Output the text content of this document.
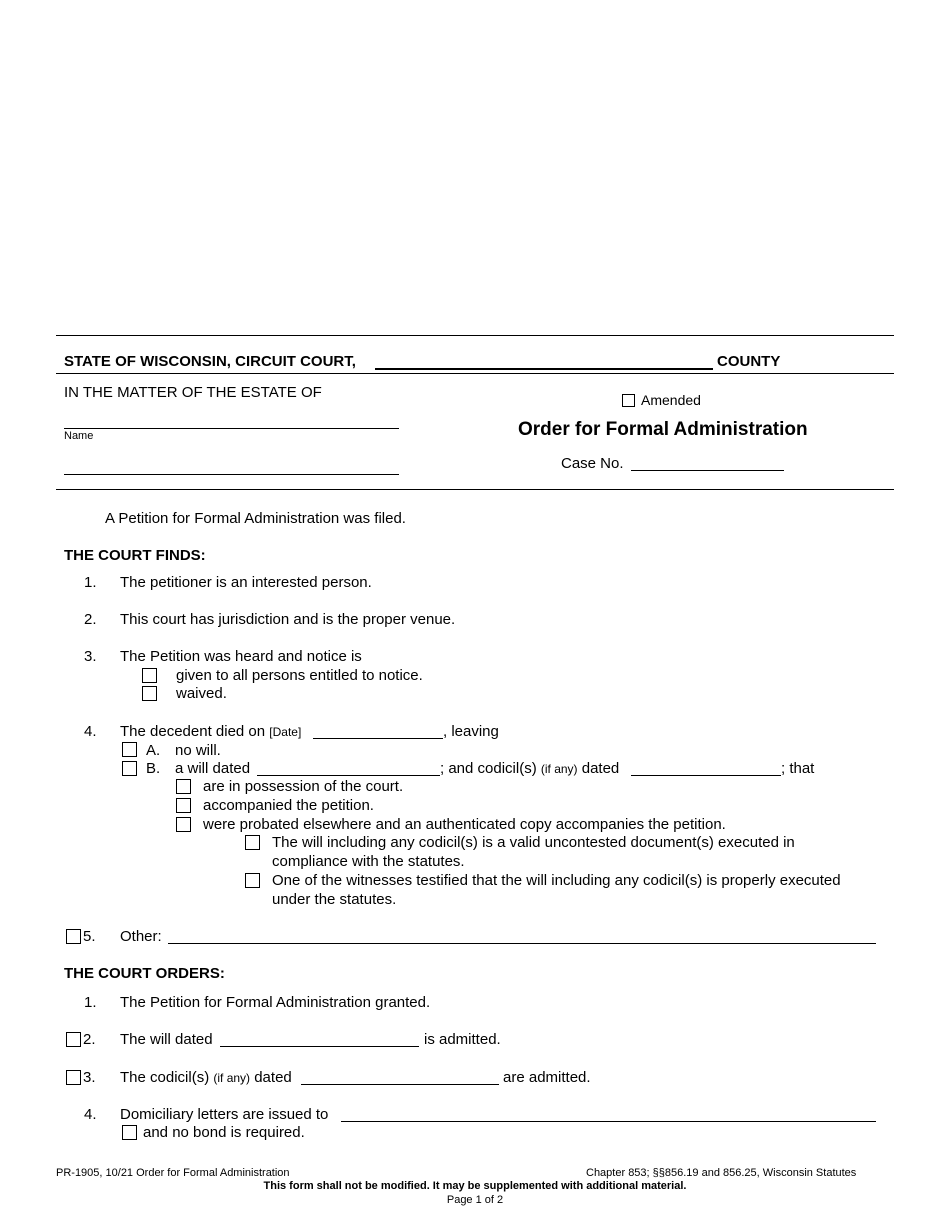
STATE OF WISCONSIN, CIRCUIT COURT,	COUNTY
IN THE MATTER OF THE ESTATE OF
Name
Amended
Order for Formal Administration
Case No.
A Petition for Formal Administration was filed.
THE COURT FINDS:
1. The petitioner is an interested person.
2. This court has jurisdiction and is the proper venue.
3. The Petition was heard and notice is
given to all persons entitled to notice.
waived.
4. The decedent died on [Date]	, leaving
A. no will.
B. a will dated	; and codicil(s) (if any) dated	; that
are in possession of the court.
accompanied the petition.
were probated elsewhere and an authenticated copy accompanies the petition.
The will including any codicil(s) is a valid uncontested document(s) executed in
compliance with the statutes.
One of the witnesses testified that the will including any codicil(s) is properly executed
under the statutes.
5. Other:
THE COURT ORDERS:
1. The Petition for Formal Administration granted.
2. The will dated	is admitted.
3. The codicil(s) (if any) dated	are admitted.
4. Domiciliary letters are issued to
and no bond is required.
PR-1905, 10/21 Order for Formal Administration	Chapter 853; §§856.19 and 856.25, Wisconsin Statutes
This form shall not be modified. It may be supplemented with additional material.
Page 1 of 2
